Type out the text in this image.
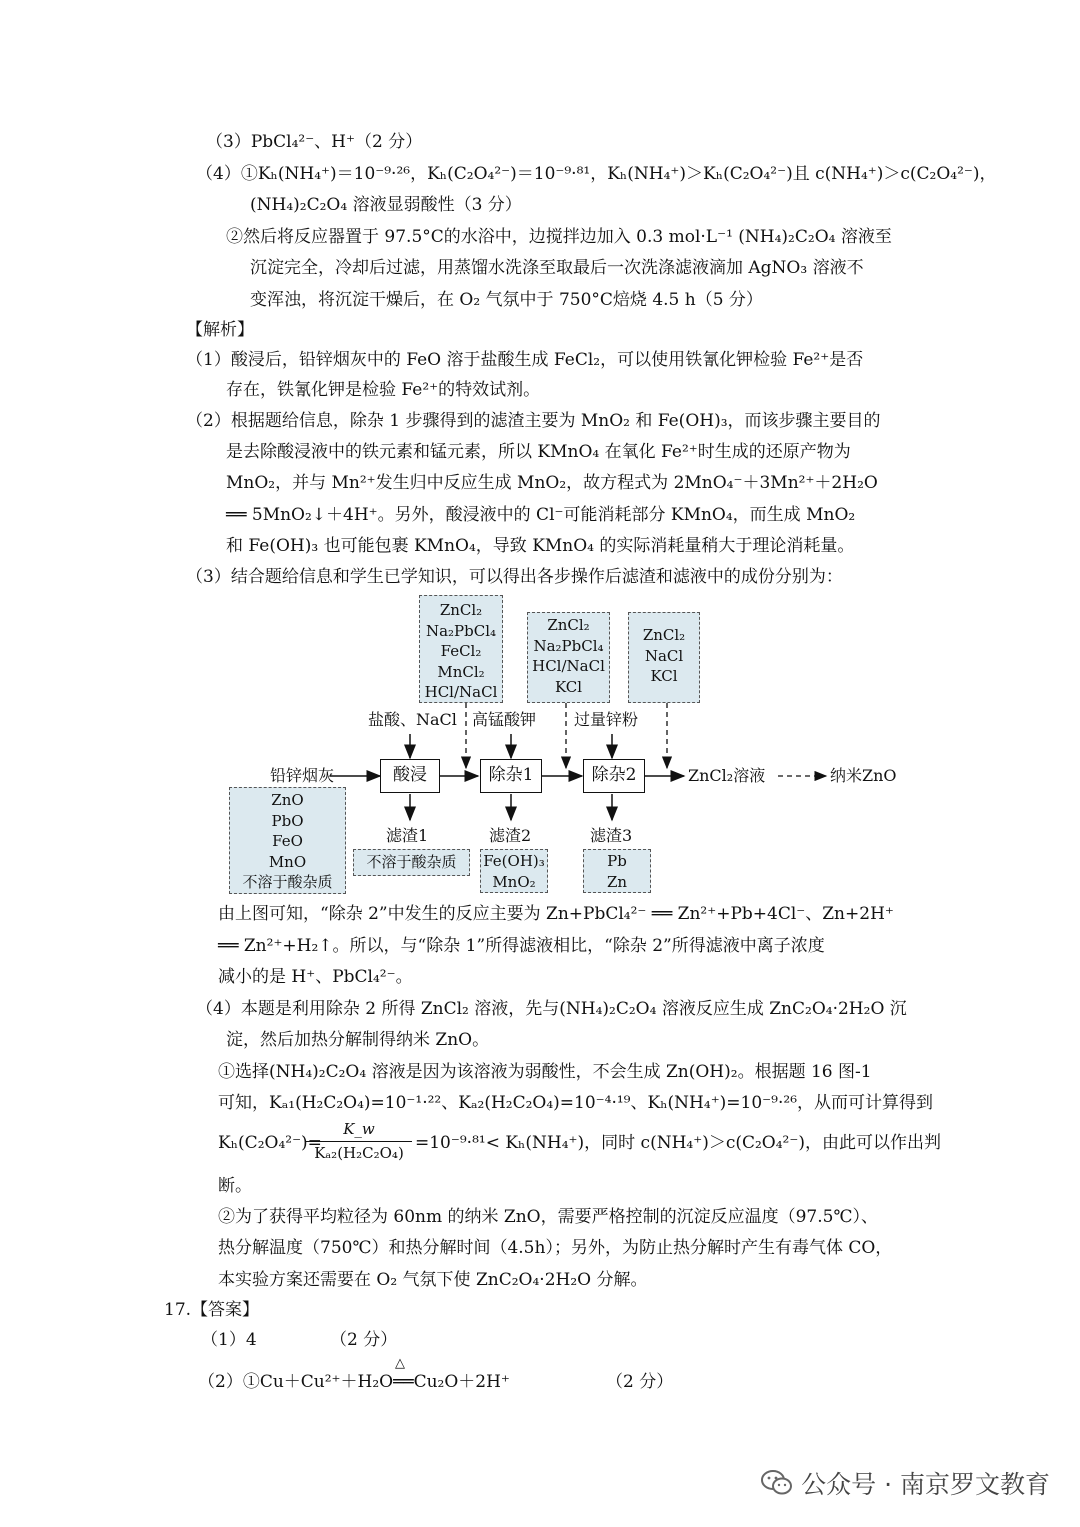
（3）PbCl₄²⁻、H⁺（2 分）
（4）①Kₕ(NH₄⁺)＝10⁻⁹·²⁶，Kₕ(C₂O₄²⁻)＝10⁻⁹·⁸¹，Kₕ(NH₄⁺)＞Kₕ(C₂O₄²⁻)且 c(NH₄⁺)＞c(C₂O₄²⁻)，
(NH₄)₂C₂O₄ 溶液显弱酸性（3 分）
②然后将反应器置于 97.5°C的水浴中，边搅拌边加入 0.3 mol·L⁻¹ (NH₄)₂C₂O₄ 溶液至
沉淀完全，冷却后过滤，用蒸馏水洗涤至取最后一次洗涤滤液滴加 AgNO₃ 溶液不
变浑浊，将沉淀干燥后，在 O₂ 气氛中于 750°C焙烧 4.5 h（5 分）
【解析】
（1）酸浸后，铅锌烟灰中的 FeO 溶于盐酸生成 FeCl₂，可以使用铁氰化钾检验 Fe²⁺是否
存在，铁氰化钾是检验 Fe²⁺的特效试剂。
（2）根据题给信息，除杂 1 步骤得到的滤渣主要为 MnO₂ 和 Fe(OH)₃，而该步骤主要目的
是去除酸浸液中的铁元素和锰元素，所以 KMnO₄ 在氧化 Fe²⁺时生成的还原产物为
MnO₂，并与 Mn²⁺发生归中反应生成 MnO₂，故方程式为 2MnO₄⁻＋3Mn²⁺＋2H₂O
══ 5MnO₂↓＋4H⁺。另外，酸浸液中的 Cl⁻可能消耗部分 KMnO₄，而生成 MnO₂
和 Fe(OH)₃ 也可能包裹 KMnO₄，导致 KMnO₄ 的实际消耗量稍大于理论消耗量。
（3）结合题给信息和学生已学知识，可以得出各步操作后滤渣和滤液中的成份分别为：
ZnCl₂
Na₂PbCl₄
FeCl₂
MnCl₂
HCl/NaCl
ZnCl₂
Na₂PbCl₄
HCl/NaCl
KCl
ZnCl₂
NaCl
KCl
盐酸、NaCl 高锰酸钾 过量锌粉
铅锌烟灰	酸浸	除杂1	除杂2	ZnCl₂溶液	纳米ZnO
ZnO
PbO
FeO
MnO
不溶于酸杂质
滤渣1	滤渣2	滤渣3
不溶于酸杂质	Fe(OH)₃
MnO₂
Pb
Zn
由上图可知，“除杂 2”中发生的反应主要为 Zn+PbCl₄²⁻ ══ Zn²⁺+Pb+4Cl⁻、Zn+2H⁺
══ Zn²⁺+H₂↑。所以，与“除杂 1”所得滤液相比，“除杂 2”所得滤液中离子浓度
减小的是 H⁺、PbCl₄²⁻。
（4）本题是利用除杂 2 所得 ZnCl₂ 溶液，先与(NH₄)₂C₂O₄ 溶液反应生成 ZnC₂O₄·2H₂O 沉
淀，然后加热分解制得纳米 ZnO。
①选择(NH₄)₂C₂O₄ 溶液是因为该溶液为弱酸性，不会生成 Zn(OH)₂。根据题 16 图-1
可知，Kₐ₁(H₂C₂O₄)=10⁻¹·²²、Kₐ₂(H₂C₂O₄)=10⁻⁴·¹⁹、Kₕ(NH₄⁺)=10⁻⁹·²⁶，从而可计算得到
Kₕ(C₂O₄²⁻)=
$\frac{K\_w}{\text{Kₐ₂(H₂C₂O₄)}} =10^{-9}\cdot^{81}< K_h(NH_4^+)$，同时 c(NH₄⁺)＞c(C₂O₄²⁻)，由此可以作出判
断。
②为了获得平均粒径为 60nm 的纳米 ZnO，需要严格控制的沉淀反应温度（97.5℃）、
热分解温度（750℃）和热分解时间（4.5h）；另外，为防止热分解时产生有毒气体 CO，
本实验方案还需要在 O₂ 气氛下使 ZnC₂O₄·2H₂O 分解。
17.【答案】
（1）4	（2 分）
（2）①Cu＋Cu²⁺＋H₂O══Cu₂O＋2H⁺
△
（2 分）
公众号 · 南京罗文教育
